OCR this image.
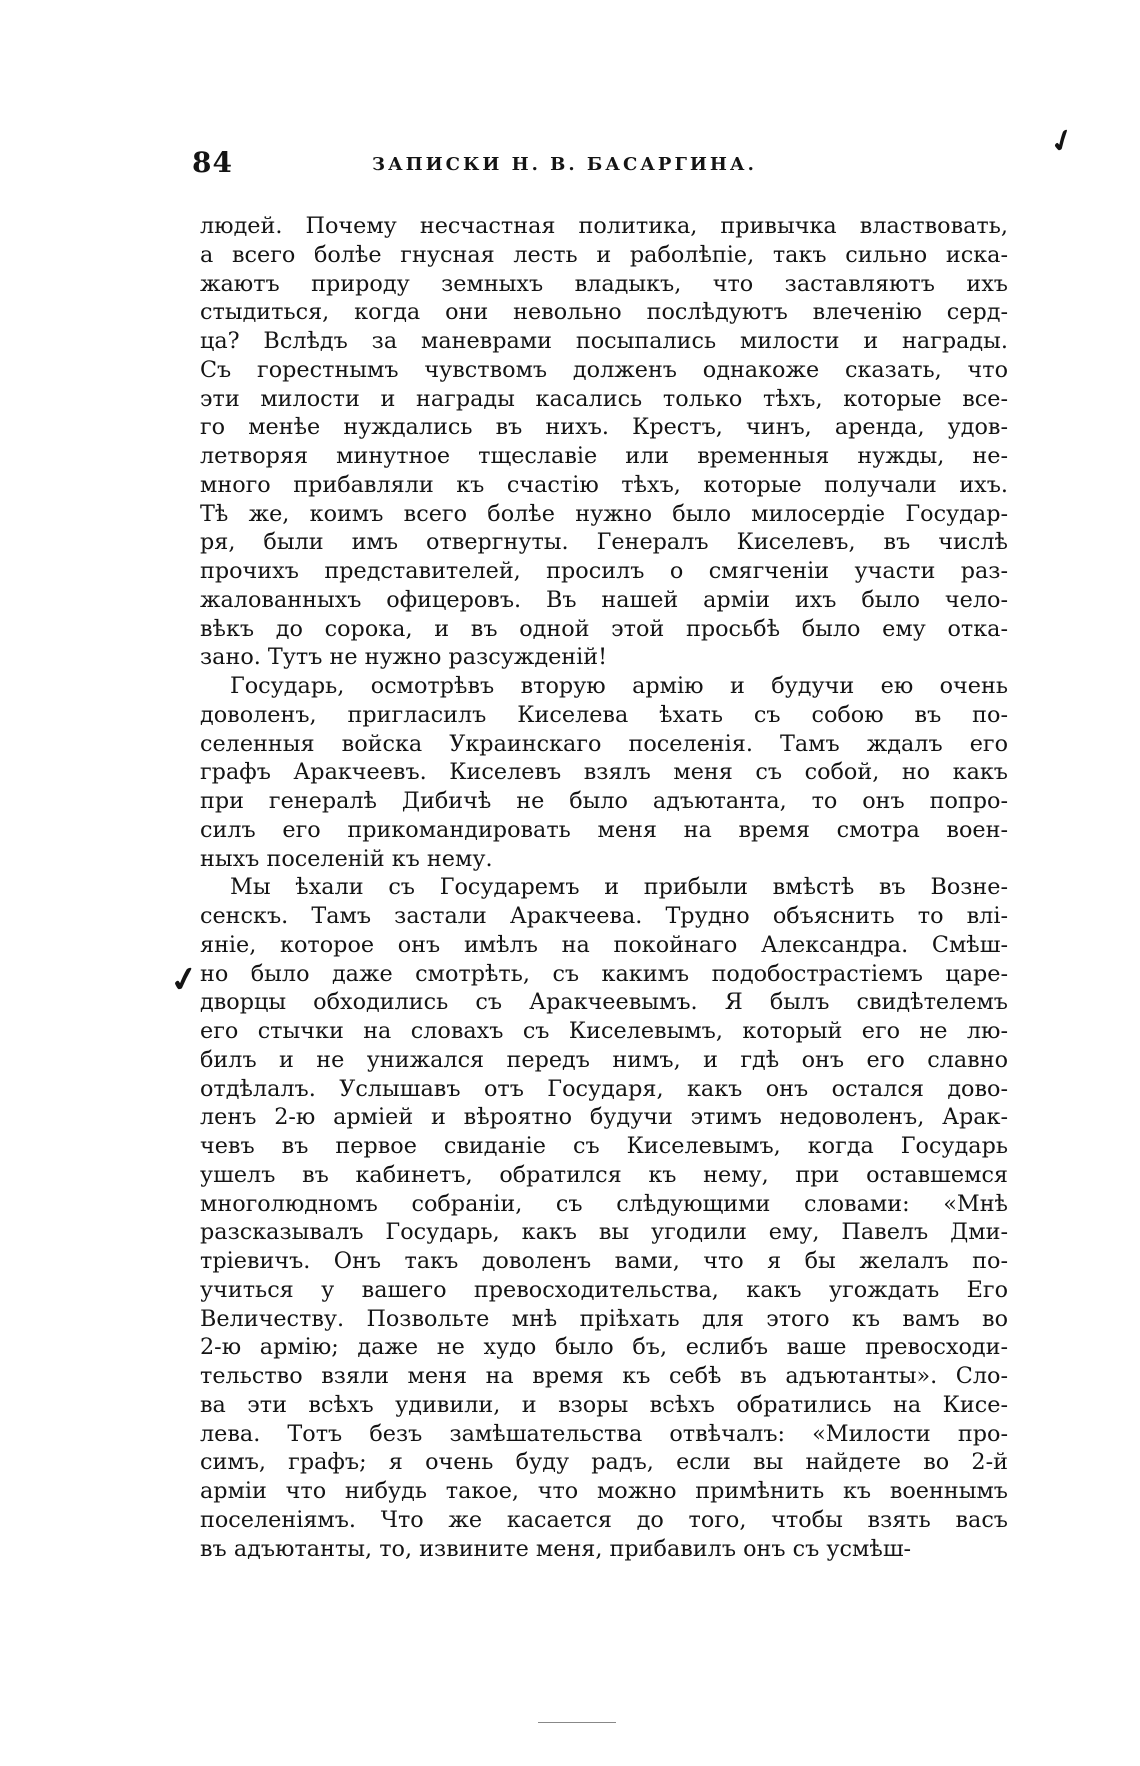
✓
84	ЗАПИСКИ Н. В. БАСАРГИНА.
✓
людей. Почему несчастная политика, привычка властвовать,
а всего болѣе гнусная лесть и раболѣпіе, такъ сильно иска-
жаютъ природу земныхъ владыкъ, что заставляютъ ихъ
стыдиться, когда они невольно послѣдуютъ влеченію серд-
ца? Вслѣдъ за маневрами посыпались милости и награды.
Съ горестнымъ чувствомъ долженъ однакоже сказать, что
эти милости и награды касались только тѣхъ, которые все-
го менѣе нуждались въ нихъ. Крестъ, чинъ, аренда, удов-
летворяя минутное тщеславіе или временныя нужды, не-
много прибавляли къ счастію тѣхъ, которые получали ихъ.
Тѣ же, коимъ всего болѣе нужно было милосердіе Государ-
ря, были имъ отвергнуты. Генералъ Киселевъ, въ числѣ
прочихъ представителей, просилъ о смягченіи участи раз-
жалованныхъ офицеровъ. Въ нашей арміи ихъ было чело-
вѣкъ до сорока, и въ одной этой просьбѣ было ему отка-
зано. Тутъ не нужно разсужденій!
Государь, осмотрѣвъ вторую армію и будучи ею очень
доволенъ, пригласилъ Киселева ѣхать съ собою въ по-
селенныя войска Украинскаго поселенія. Тамъ ждалъ его
графъ Аракчеевъ. Киселевъ взялъ меня съ собой, но какъ
при генералѣ Дибичѣ не было адъютанта, то онъ попро-
силъ его прикомандировать меня на время смотра воен-
ныхъ поселеній къ нему.
Мы ѣхали съ Государемъ и прибыли вмѣстѣ въ Возне-
сенскъ. Тамъ застали Аракчеева. Трудно объяснить то влі-
яніе, которое онъ имѣлъ на покойнаго Александра. Смѣш-
но было даже смотрѣть, съ какимъ подобострастіемъ царе-
дворцы обходились съ Аракчеевымъ. Я былъ свидѣтелемъ
его стычки на словахъ съ Киселевымъ, который его не лю-
билъ и не унижался передъ нимъ, и гдѣ онъ его славно
отдѣлалъ. Услышавъ отъ Государя, какъ онъ остался дово-
ленъ 2-ю арміей и вѣроятно будучи этимъ недоволенъ, Арак-
чевъ въ первое свиданіе съ Киселевымъ, когда Государь
ушелъ въ кабинетъ, обратился къ нему, при оставшемся
многолюдномъ собраніи, съ слѣдующими словами: «Мнѣ
разсказывалъ Государь, какъ вы угодили ему, Павелъ Дми-
тріевичъ. Онъ такъ доволенъ вами, что я бы желалъ по-
учиться у вашего превосходительства, какъ угождать Его
Величеству. Позвольте мнѣ пріѣхать для этого къ вамъ во
2-ю армію; даже не худо было бъ, еслибъ ваше превосходи-
тельство взяли меня на время къ себѣ въ адъютанты». Сло-
ва эти всѣхъ удивили, и взоры всѣхъ обратились на Кисе-
лева. Тотъ безъ замѣшательства отвѣчалъ: «Милости про-
симъ, графъ; я очень буду радъ, если вы найдете во 2-й
арміи что нибудь такое, что можно примѣнить къ военнымъ
поселеніямъ. Что же касается до того, чтобы взять васъ
въ адъютанты, то, извините меня, прибавилъ онъ съ усмѣш-
